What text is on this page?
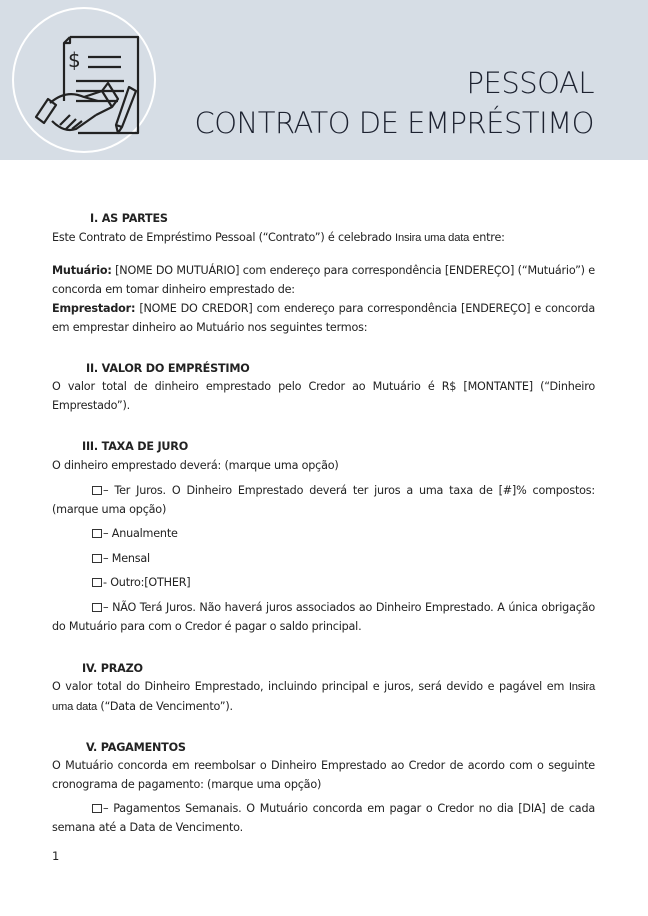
$
PESSOAL
CONTRATO DE EMPRÉSTIMO
I. AS PARTES
Este Contrato de Empréstimo Pessoal (“Contrato”) é celebrado Insira uma data entre:
Mutuário: [NOME DO MUTUÁRIO] com endereço para correspondência [ENDEREÇO] (“Mutuário”) e concorda em tomar dinheiro emprestado de:
Emprestador: [NOME DO CREDOR] com endereço para correspondência [ENDEREÇO] e concorda em emprestar dinheiro ao Mutuário nos seguintes termos:
II. VALOR DO EMPRÉSTIMO
O valor total de dinheiro emprestado pelo Credor ao Mutuário é R$ [MONTANTE] (“Dinheiro Emprestado”).
III. TAXA DE JURO
O dinheiro emprestado deverá: (marque uma opção)
– Ter Juros. O Dinheiro Emprestado deverá ter juros a uma taxa de [#]% compostos: (marque uma opção)
– Anualmente
– Mensal
- Outro:[OTHER]
– NÃO Terá Juros. Não haverá juros associados ao Dinheiro Emprestado. A única obrigação do Mutuário para com o Credor é pagar o saldo principal.
IV. PRAZO
O valor total do Dinheiro Emprestado, incluindo principal e juros, será devido e pagável em Insira uma data (“Data de Vencimento”).
V. PAGAMENTOS
O Mutuário concorda em reembolsar o Dinheiro Emprestado ao Credor de acordo com o seguinte cronograma de pagamento: (marque uma opção)
– Pagamentos Semanais. O Mutuário concorda em pagar o Credor no dia [DIA] de cada semana até a Data de Vencimento.
1
